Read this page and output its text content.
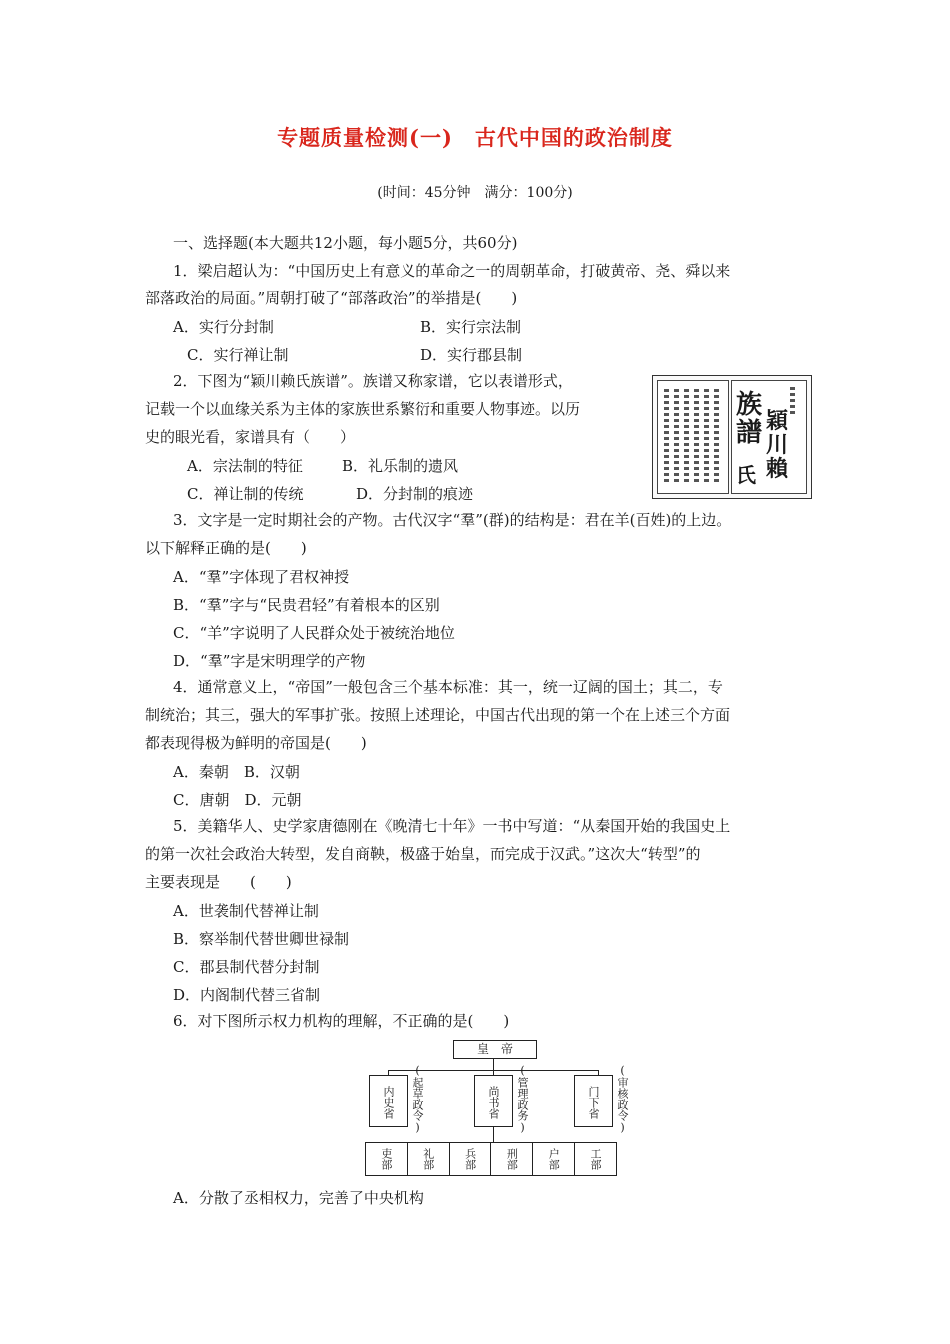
专题质量检测(一)　古代中国的政治制度
(时间：45分钟　满分：100分)
一、选择题(本大题共12小题，每小题5分，共60分)
1．梁启超认为：“中国历史上有意义的革命之一的周朝革命，打破黄帝、尧、舜以来
部落政治的局面。”周朝打破了“部落政治”的举措是(　　)
A．实行分封制	B．实行宗法制
C．实行禅让制	D．实行郡县制
2．下图为“颖川赖氏族谱”。族谱又称家谱，它以表谱形式，
记载一个以血缘关系为主体的家族世系繁衍和重要人物事迹。以历
史的眼光看，家谱具有（　　）
A．宗法制的特征	B．礼乐制的遗风
C．禅让制的传统	D．分封制的痕迹
族
譜 穎
川
賴
氏
3．文字是一定时期社会的产物。古代汉字“羣”(群)的结构是：君在羊(百姓)的上边。
以下解释正确的是(　　)
A．“羣”字体现了君权神授
B．“羣”字与“民贵君轻”有着根本的区别
C．“羊”字说明了人民群众处于被统治地位
D．“羣”字是宋明理学的产物
4．通常意义上，“帝国”一般包含三个基本标准：其一，统一辽阔的国土；其二，专
制统治；其三，强大的军事扩张。按照上述理论，中国古代出现的第一个在上述三个方面
都表现得极为鲜明的帝国是(　　)
A．秦朝　B．汉朝
C．唐朝　D．元朝
5．美籍华人、史学家唐德刚在《晚清七十年》一书中写道：“从秦国开始的我国史上
的第一次社会政治大转型，发自商鞅，极盛于始皇，而完成于汉武。”这次大“转型”的
主要表现是　　(　　)
A．世袭制代替禅让制
B．察举制代替世卿世禄制
C．郡县制代替分封制
D．内阁制代替三省制
6．对下图所示权力机构的理解，不正确的是(　　)
皇　帝
内史省 (起草政令)	尚书省 (管理政务)	门下省 (审核政令)
吏部	礼部	兵部	刑部	户部	工部
A．分散了丞相权力，完善了中央机构
